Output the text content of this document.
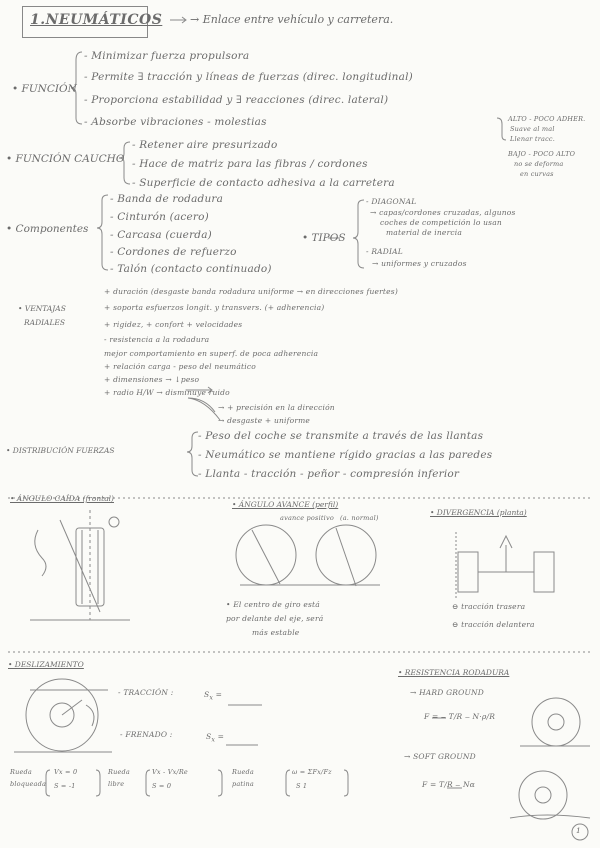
1.NEUMÁTICOS	→ Enlace entre vehículo y carretera.
• FUNCIÓN
- Minimizar fuerza propulsora
- Permite ∃ tracción y líneas de fuerzas (direc. longitudinal)
- Proporciona estabilidad y ∃ reacciones (direc. lateral)
- Absorbe vibraciones - molestias
• FUNCIÓN CAUCHO
- Retener aire presurizado
- Hace de matriz para las fibras / cordones
- Superficie de contacto adhesiva a la carretera
ALTO - POCO ADHER.
Suave al mal
Llenar tracc.
BAJO - POCO ALTO
no se deforma
en curvas
• Componentes
- Banda de rodadura
- Cinturón (acero)
- Carcasa (cuerda)
- Cordones de refuerzo
- Talón (contacto continuado)
• TIPOS
- DIAGONAL
→ capas/cordones cruzadas, algunos
coches de competición lo usan
material de inercia
- RADIAL
→ uniformes y cruzados
• VENTAJAS
RADIALES
+ duración (desgaste banda rodadura uniforme → en direcciones fuertes)
+ soporta esfuerzos longit. y transvers. (+ adherencia)
+ rigidez, + confort + velocidades
- resistencia a la rodadura
mejor comportamiento en superf. de poca adherencia
+ relación carga - peso del neumático
+ dimensiones → ↓peso
+ radio H/W → disminuye ruido
→ + precisión en la dirección
→ desgaste + uniforme
• DISTRIBUCIÓN FUERZAS
- Peso del coche se transmite a través de las llantas
- Neumático se mantiene rígido gracias a las paredes
- Llanta - tracción - peñor - compresión inferior
• ÁNGULO CAÍDA (frontal)
• ÁNGULO AVANCE (perfil)
avance positivo (a. normal)
• El centro de giro está
por delante del eje, será
más estable
• DIVERGENCIA (planta)
⊖ tracción trasera
⊖ tracción delantera
• DESLIZAMIENTO
- TRACCIÓN :	$S_x$ =
- FRENADO :	$S_x$ =
Rueda
bloqueada
Vx = 0
S = -1
Rueda
libre
Vx - Vx/Re
S = 0
Rueda
patina
ω = ΣFx/Fz
S 1
• RESISTENCIA RODADURA
→ HARD GROUND
→ SOFT GROUND
F = ‒ T/R ‒ N·ρ/R
F = T/R ‒ Nα
1
